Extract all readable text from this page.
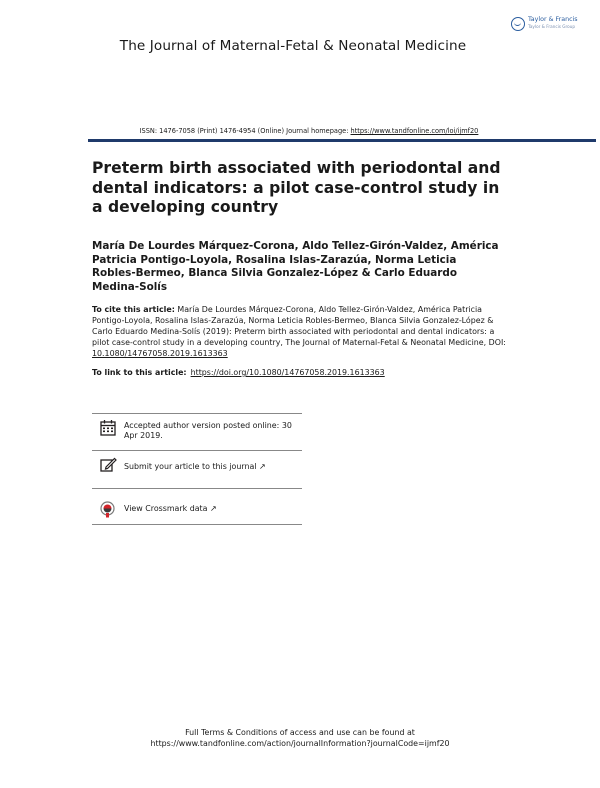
The Journal of Maternal-Fetal & Neonatal Medicine
Taylor & Francis
Taylor & Francis Group
ISSN: 1476-7058 (Print) 1476-4954 (Online) Journal homepage: https://www.tandfonline.com/loi/ijmf20
Preterm birth associated with periodontal and dental indicators: a pilot case-control study in a developing country
María De Lourdes Márquez-Corona, Aldo Tellez-Girón-Valdez, América Patricia Pontigo-Loyola, Rosalina Islas-Zarazúa, Norma Leticia Robles-Bermeo, Blanca Silvia Gonzalez-López & Carlo Eduardo Medina-Solís
To cite this article: María De Lourdes Márquez-Corona, Aldo Tellez-Girón-Valdez, América Patricia Pontigo-Loyola, Rosalina Islas-Zarazúa, Norma Leticia Robles-Bermeo, Blanca Silvia Gonzalez-López & Carlo Eduardo Medina-Solís (2019): Preterm birth associated with periodontal and dental indicators: a pilot case-control study in a developing country, The Journal of Maternal-Fetal & Neonatal Medicine, DOI: 10.1080/14767058.2019.1613363
To link to this article: https://doi.org/10.1080/14767058.2019.1613363
Accepted author version posted online: 30 Apr 2019.
Submit your article to this journal ↗
View Crossmark data ↗
Full Terms & Conditions of access and use can be found at
https://www.tandfonline.com/action/journalInformation?journalCode=ijmf20
